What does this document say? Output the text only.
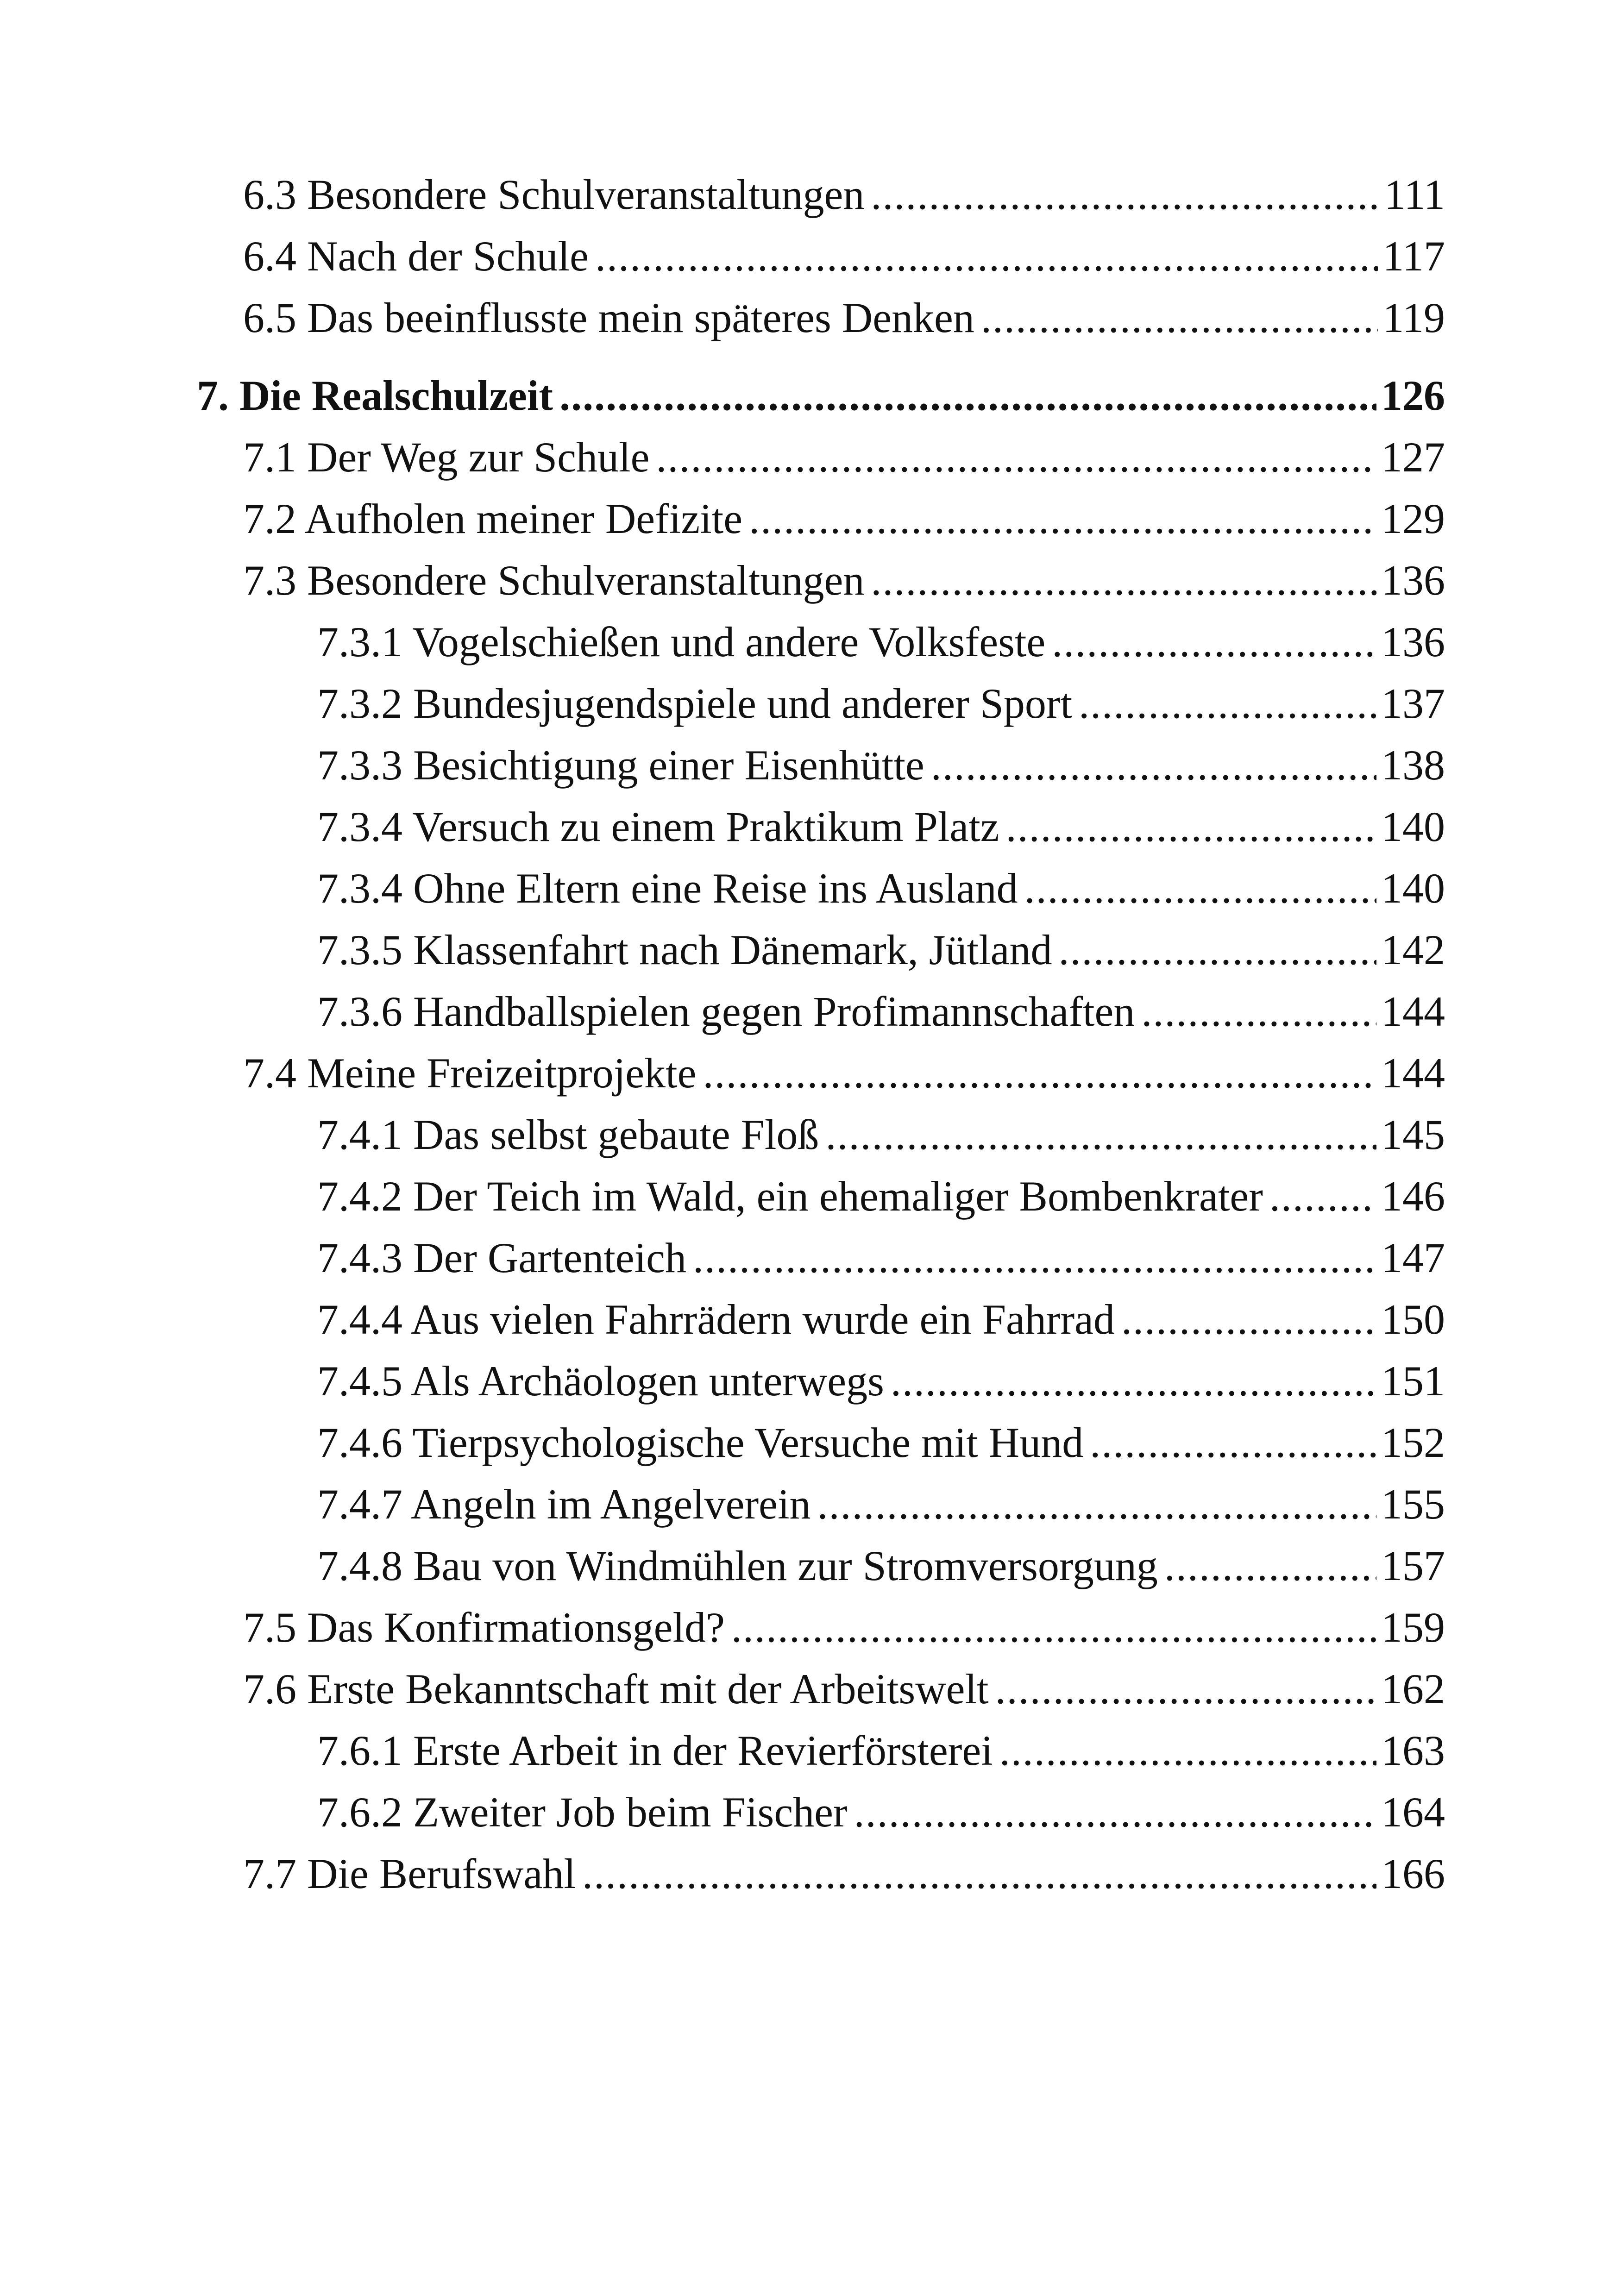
6.3 Besondere Schulveranstaltungen .....	111
6.4 Nach der Schule .....	117
6.5 Das beeinflusste mein späteres Denken .....	119
7. Die Realschulzeit .....	126
7.1 Der Weg zur Schule .....	127
7.2 Aufholen meiner Defizite .....	129
7.3 Besondere Schulveranstaltungen .....	136
7.3.1 Vogelschießen und andere Volksfeste .....	136
7.3.2 Bundesjugendspiele und anderer Sport .....	137
7.3.3 Besichtigung einer Eisenhütte .....	138
7.3.4 Versuch zu einem Praktikum Platz .....	140
7.3.4 Ohne Eltern eine Reise ins Ausland .....	140
7.3.5 Klassenfahrt nach Dänemark, Jütland .....	142
7.3.6 Handballspielen gegen Profimannschaften .....	144
7.4 Meine Freizeitprojekte .....	144
7.4.1 Das selbst gebaute Floß .....	145
7.4.2 Der Teich im Wald, ein ehemaliger Bombenkrater .....	146
7.4.3 Der Gartenteich .....	147
7.4.4 Aus vielen Fahrrädern wurde ein Fahrrad .....	150
7.4.5 Als Archäologen unterwegs .....	151
7.4.6 Tierpsychologische Versuche mit Hund .....	152
7.4.7 Angeln im Angelverein .....	155
7.4.8 Bau von Windmühlen zur Stromversorgung .....	157
7.5 Das Konfirmationsgeld? .....	159
7.6 Erste Bekanntschaft mit der Arbeitswelt .....	162
7.6.1 Erste Arbeit in der Revierförsterei .....	163
7.6.2 Zweiter Job beim Fischer .....	164
7.7 Die Berufswahl .....	166
